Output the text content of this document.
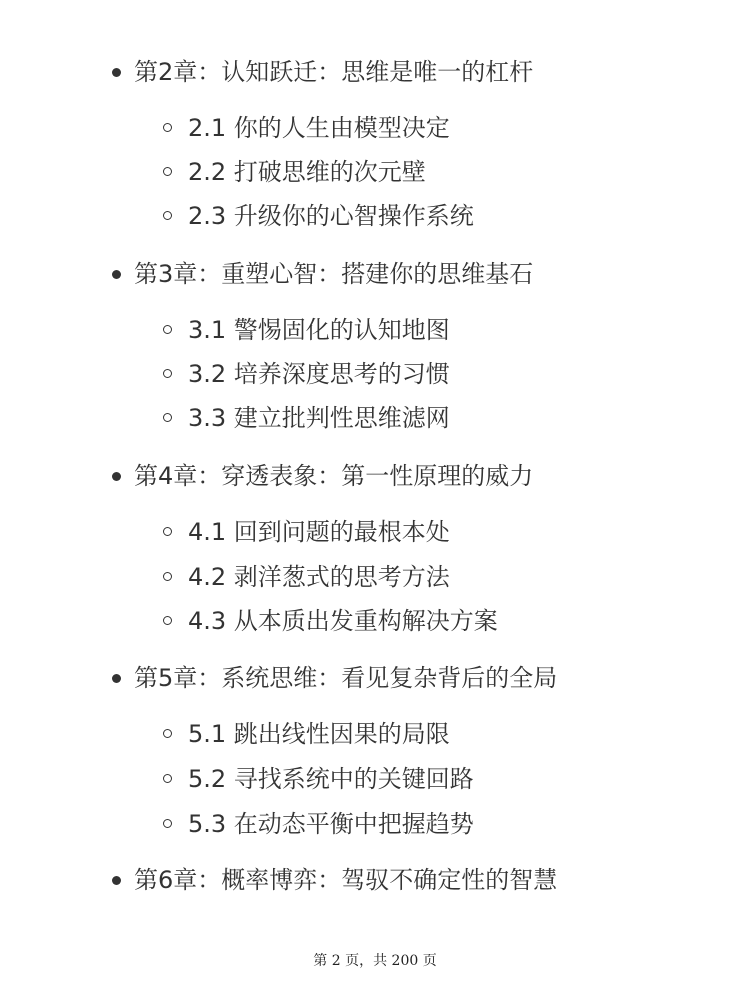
第2章：认知跃迁：思维是唯一的杠杆
2.1 你的人生由模型决定
2.2 打破思维的次元壁
2.3 升级你的心智操作系统
第3章：重塑心智：搭建你的思维基石
3.1 警惕固化的认知地图
3.2 培养深度思考的习惯
3.3 建立批判性思维滤网
第4章：穿透表象：第一性原理的威力
4.1 回到问题的最根本处
4.2 剥洋葱式的思考方法
4.3 从本质出发重构解决方案
第5章：系统思维：看见复杂背后的全局
5.1 跳出线性因果的局限
5.2 寻找系统中的关键回路
5.3 在动态平衡中把握趋势
第6章：概率博弈：驾驭不确定性的智慧
第 2 页，共 200 页
